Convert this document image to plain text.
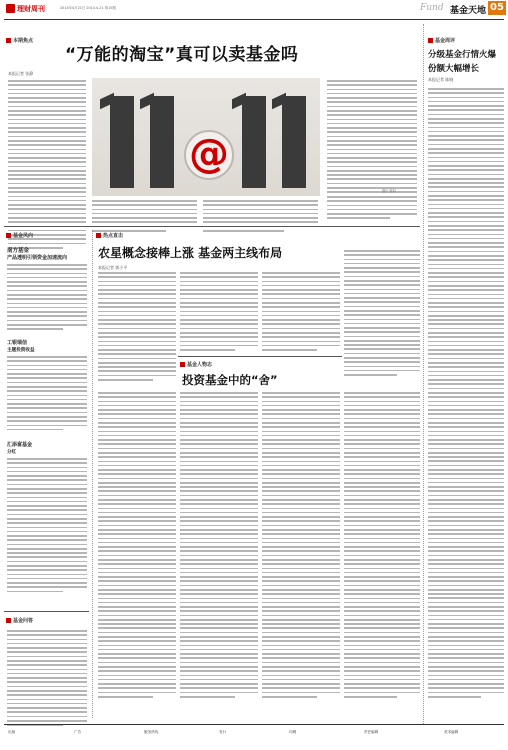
理财周刊	2014年4月21日 2014.4.21 第15期	Fund 基金天地 05
本期焦点
“万能的淘宝”真可以卖基金吗
本报记者 张静
@
图片 资料
基金周评
分级基金行情火爆
份额大幅增长
本报记者 陈晓
基金风向
南方基金
产品透明引领资金加速流向
工银瑞信
主题投资收益
汇添富基金
分红
基金问答
热点直击
农星概念接棒上涨 基金两主线布局
本报记者 郭小平
基金人物志
投资基金中的“舍”
出版	广告	服务热线	发行	印刷	责任编辑	美术编辑
